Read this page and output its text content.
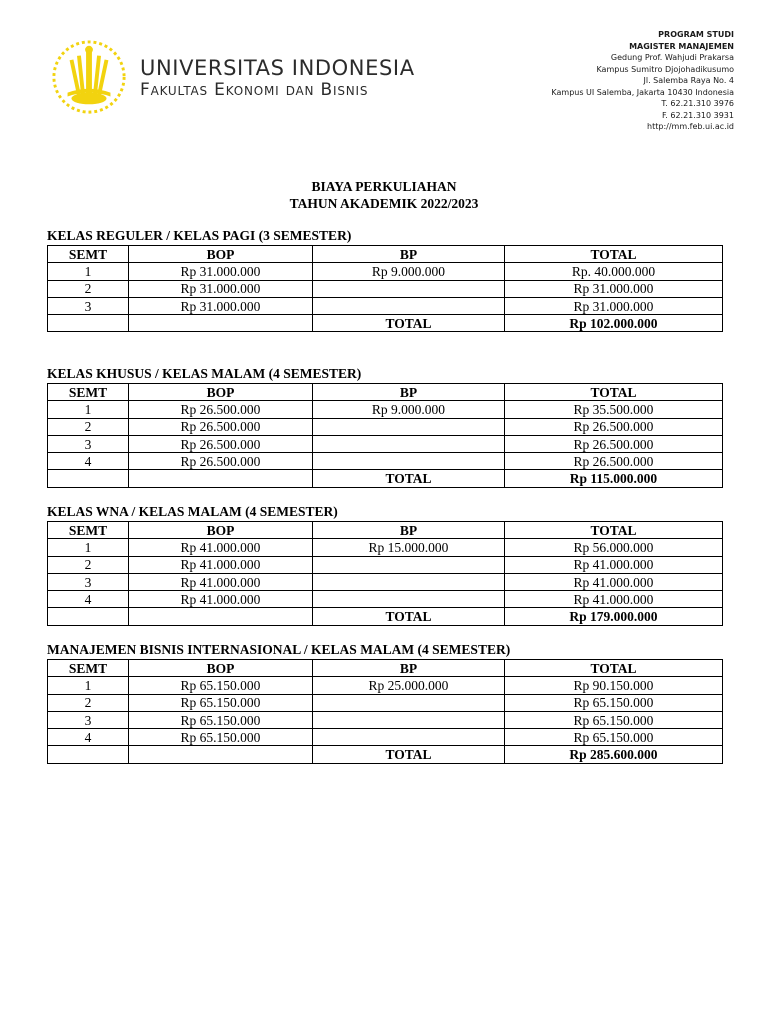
UNIVERSITAS INDONESIA
Fakultas Ekonomi dan Bisnis
PROGRAM STUDI
MAGISTER MANAJEMEN
Gedung Prof. Wahjudi Prakarsa
Kampus Sumitro Djojohadikusumo
Jl. Salemba Raya No. 4
Kampus UI Salemba, Jakarta 10430 Indonesia
T. 62.21.310 3976
F. 62.21.310 3931
http://mm.feb.ui.ac.id
BIAYA PERKULIAHAN
TAHUN AKADEMIK 2022/2023
KELAS REGULER / KELAS PAGI (3 SEMESTER)
SEMT	BOP	BP	TOTAL
1	Rp 31.000.000	Rp 9.000.000	Rp. 40.000.000
2	Rp 31.000.000		Rp 31.000.000
3	Rp 31.000.000		Rp 31.000.000
		TOTAL	Rp 102.000.000
KELAS KHUSUS / KELAS MALAM (4 SEMESTER)
SEMT	BOP	BP	TOTAL
1	Rp 26.500.000	Rp 9.000.000	Rp 35.500.000
2	Rp 26.500.000		Rp 26.500.000
3	Rp 26.500.000		Rp 26.500.000
4	Rp 26.500.000		Rp 26.500.000
		TOTAL	Rp 115.000.000
KELAS WNA / KELAS MALAM (4 SEMESTER)
SEMT	BOP	BP	TOTAL
1	Rp 41.000.000	Rp 15.000.000	Rp 56.000.000
2	Rp 41.000.000		Rp 41.000.000
3	Rp 41.000.000		Rp 41.000.000
4	Rp 41.000.000		Rp 41.000.000
		TOTAL	Rp 179.000.000
MANAJEMEN BISNIS INTERNASIONAL / KELAS MALAM (4 SEMESTER)
SEMT	BOP	BP	TOTAL
1	Rp 65.150.000	Rp 25.000.000	Rp 90.150.000
2	Rp 65.150.000		Rp 65.150.000
3	Rp 65.150.000		Rp 65.150.000
4	Rp 65.150.000		Rp 65.150.000
		TOTAL	Rp 285.600.000
